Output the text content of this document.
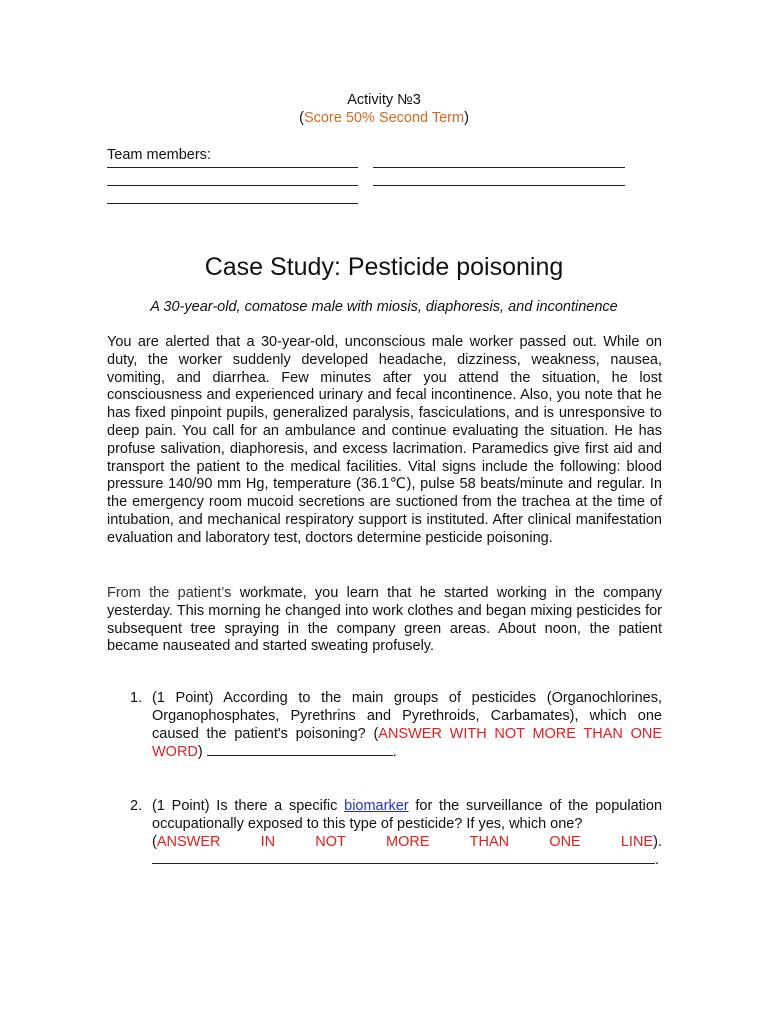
Activity №3
(Score 50% Second Term)
Team members:
Case Study: Pesticide poisoning
A 30-year-old, comatose male with miosis, diaphoresis, and incontinence
You are alerted that a 30-year-old, unconscious male worker passed out. While on duty, the worker suddenly developed headache, dizziness, weakness, nausea, vomiting, and diarrhea. Few minutes after you attend the situation, he lost consciousness and experienced urinary and fecal incontinence. Also, you note that he has fixed pinpoint pupils, generalized paralysis, fasciculations, and is unresponsive to deep pain. You call for an ambulance and continue evaluating the situation. He has profuse salivation, diaphoresis, and excess lacrimation. Paramedics give first aid and transport the patient to the medical facilities. Vital signs include the following: blood pressure 140/90 mm Hg, temperature (36.1℃), pulse 58 beats/minute and regular. In the emergency room mucoid secretions are suctioned from the trachea at the time of intubation, and mechanical respiratory support is instituted. After clinical manifestation evaluation and laboratory test, doctors determine pesticide poisoning.
From the patient’s workmate, you learn that he started working in the company yesterday. This morning he changed into work clothes and began mixing pesticides for subsequent tree spraying in the company green areas. About noon, the patient became nauseated and started sweating profusely.
1. (1 Point) According to the main groups of pesticides (Organochlorines, Organophosphates, Pyrethrins and Pyrethroids, Carbamates), which one caused the patient's poisoning? (ANSWER WITH NOT MORE THAN ONE WORD)	.
2. (1 Point) Is there a specific biomarker for the surveillance of the population occupationally exposed to this type of pesticide? If yes, which one?
(ANSWER	IN	NOT	MORE	THAN	ONE	LINE).
.
